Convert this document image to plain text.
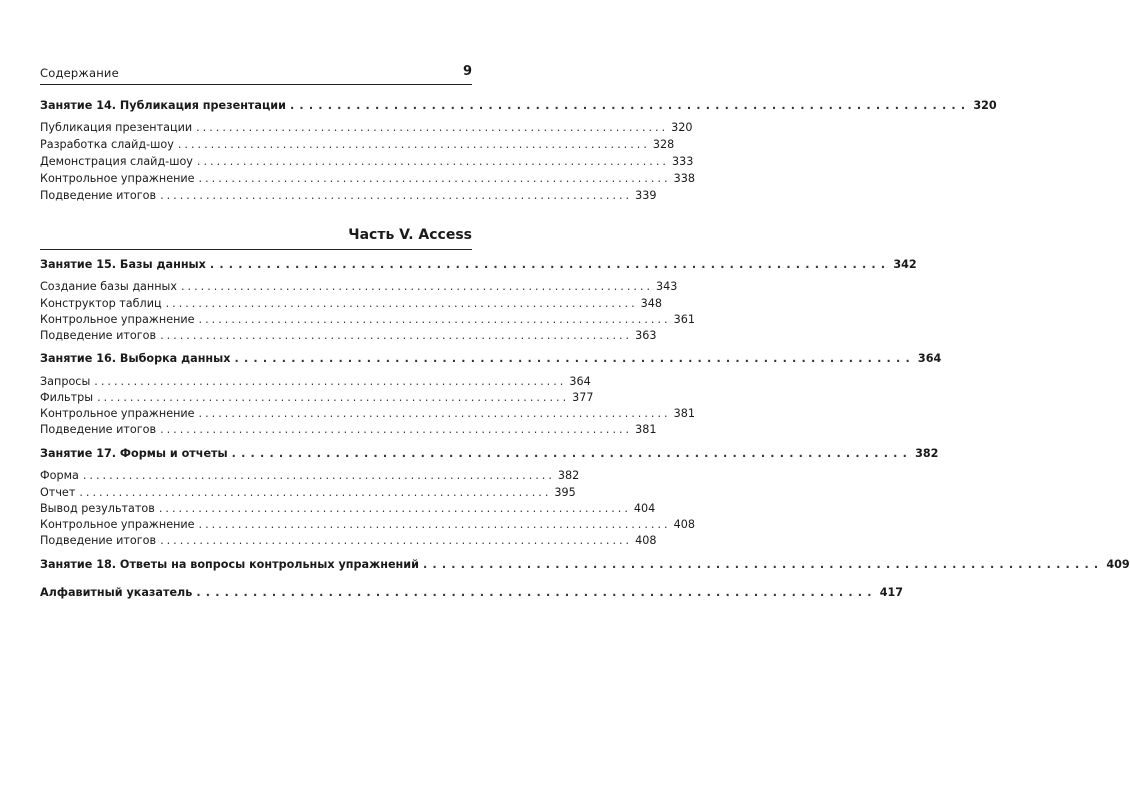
Содержание	9
Занятие 14. Публикация презентации ........................................................................ 320
Публикация презентации ........................................................................ 320
Разработка слайд-шоу ........................................................................ 328
Демонстрация слайд-шоу ........................................................................ 333
Контрольное упражнение ........................................................................ 338
Подведение итогов ........................................................................ 339
Часть V. Access
Занятие 15. Базы данных ........................................................................ 342
Создание базы данных ........................................................................ 343
Конструктор таблиц ........................................................................ 348
Контрольное упражнение ........................................................................ 361
Подведение итогов ........................................................................ 363
Занятие 16. Выборка данных ........................................................................ 364
Запросы ........................................................................ 364
Фильтры ........................................................................ 377
Контрольное упражнение ........................................................................ 381
Подведение итогов ........................................................................ 381
Занятие 17. Формы и отчеты ........................................................................ 382
Форма ........................................................................ 382
Отчет ........................................................................ 395
Вывод результатов ........................................................................ 404
Контрольное упражнение ........................................................................ 408
Подведение итогов ........................................................................ 408
Занятие 18. Ответы на вопросы контрольных упражнений ........................................................................ 409
Алфавитный указатель ........................................................................ 417
